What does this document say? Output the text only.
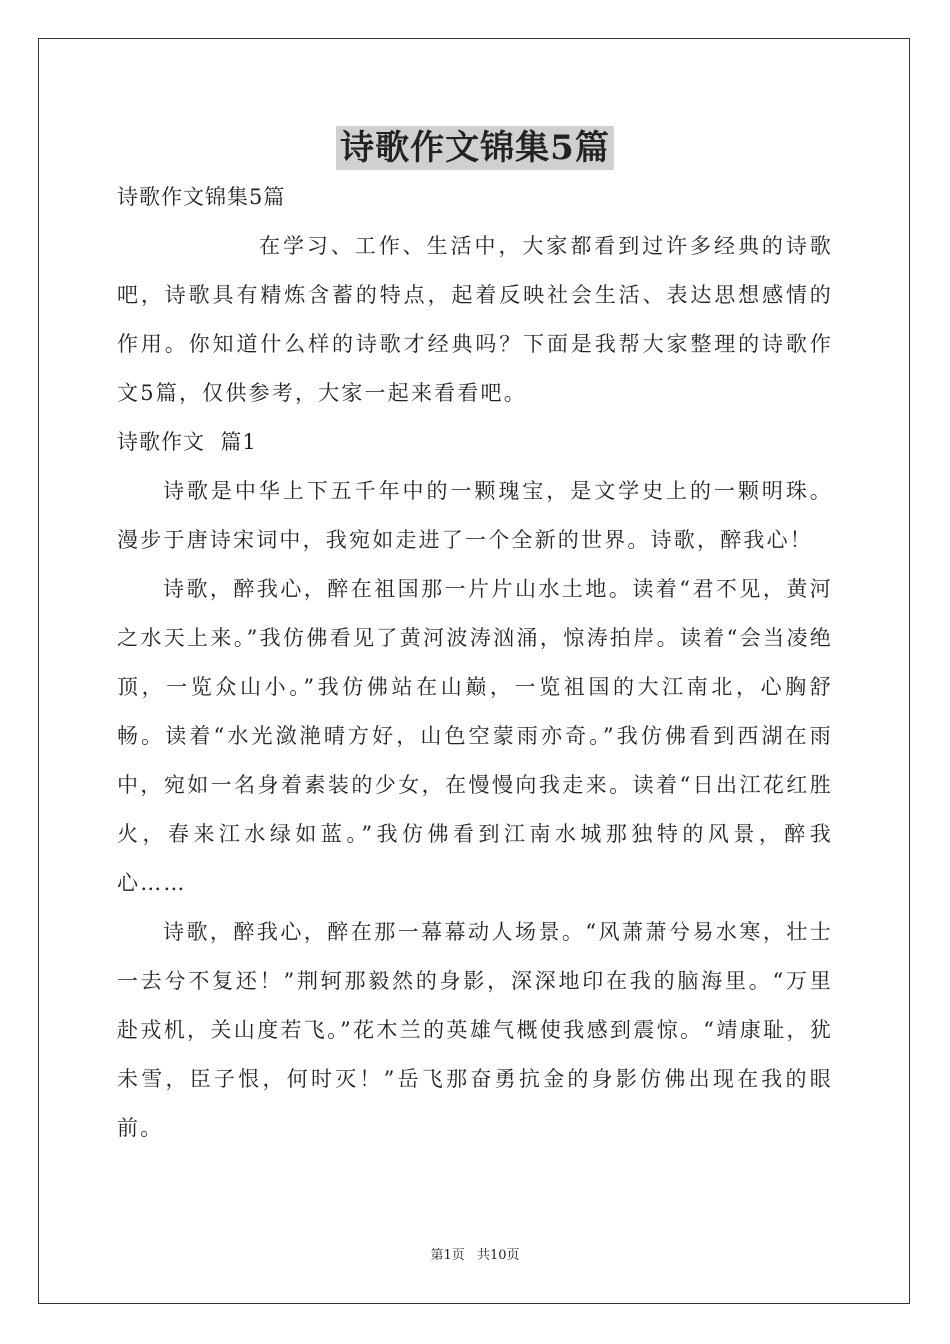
诗歌作文锦集5篇

诗歌作文锦集5篇

在学习、工作、生活中，大家都看到过许多经典的诗歌吧，诗歌具有精炼含蓄的特点，起着反映社会生活、表达思想感情的作用。你知道什么样的诗歌才经典吗？下面是我帮大家整理的诗歌作文5篇，仅供参考，大家一起来看看吧。

诗歌作文  篇1

诗歌是中华上下五千年中的一颗瑰宝，是文学史上的一颗明珠。漫步于唐诗宋词中，我宛如走进了一个全新的世界。诗歌，醉我心！

诗歌，醉我心，醉在祖国那一片片山水土地。读着“君不见，黄河之水天上来。”我仿佛看见了黄河波涛汹涌，惊涛拍岸。读着“会当凌绝顶，一览众山小。”我仿佛站在山巅，一览祖国的大江南北，心胸舒畅。读着“水光潋滟晴方好，山色空蒙雨亦奇。”我仿佛看到西湖在雨中，宛如一名身着素装的少女，在慢慢向我走来。读着“日出江花红胜火，春来江水绿如蓝。”我仿佛看到江南水城那独特的风景，醉我心……

诗歌，醉我心，醉在那一幕幕动人场景。“风萧萧兮易水寒，壮士一去兮不复还！”荆轲那毅然的身影，深深地印在我的脑海里。“万里赴戎机，关山度若飞。”花木兰的英雄气概使我感到震惊。“靖康耻，犹未雪，臣子恨，何时灭！”岳飞那奋勇抗金的身影仿佛出现在我的眼前。

第1页 共10页
